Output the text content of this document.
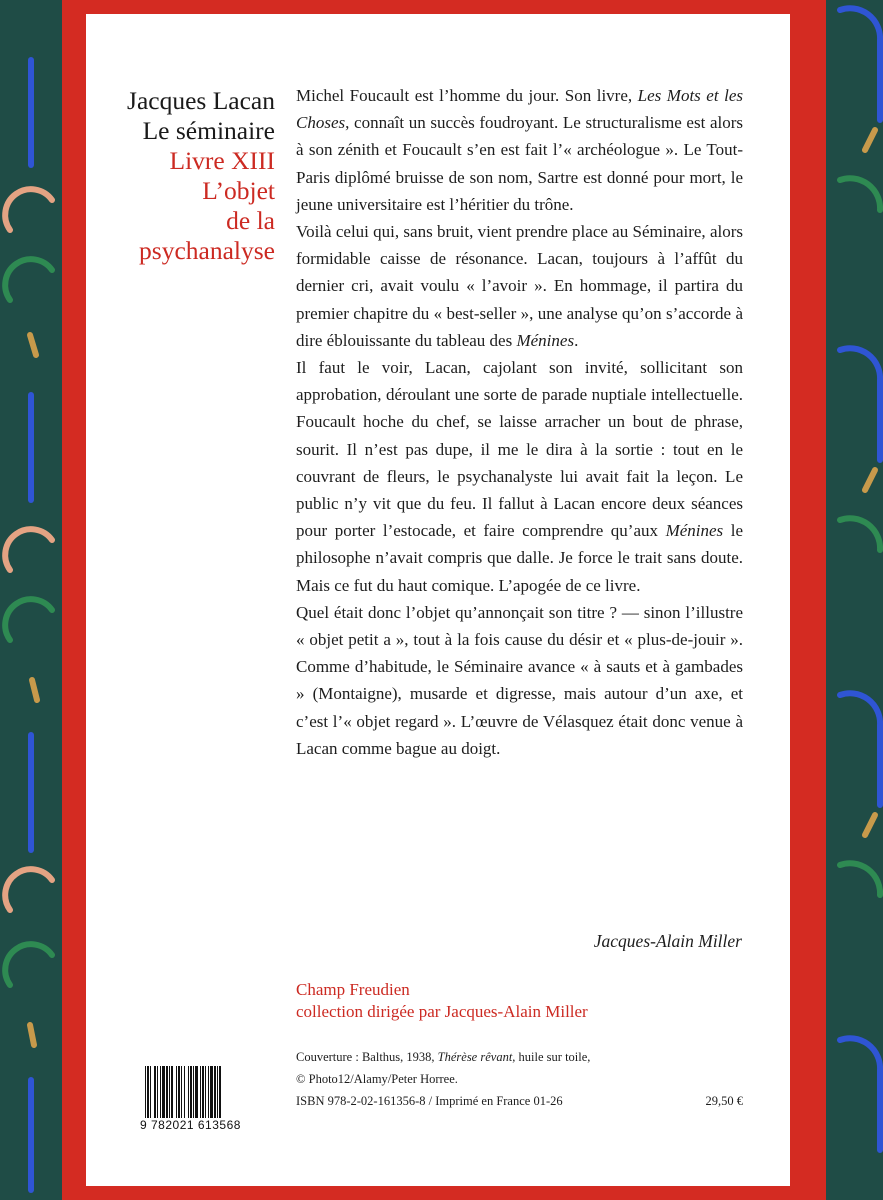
Jacques Lacan
Le séminaire
Livre XIII
L’objet
de la
psychanalyse

Michel Foucault est l’homme du jour. Son livre, Les Mots et les Choses, connaît un succès foudroyant. Le structuralisme est alors à son zénith et Foucault s’en est fait l’« archéologue ». Le Tout-Paris diplômé bruisse de son nom, Sartre est donné pour mort, le jeune universitaire est l’héritier du trône.

Voilà celui qui, sans bruit, vient prendre place au Séminaire, alors formidable caisse de résonance. Lacan, toujours à l’affût du dernier cri, avait voulu « l’avoir ». En hommage, il partira du premier chapitre du « best-seller », une analyse qu’on s’accorde à dire éblouissante du tableau des Ménines.

Il faut le voir, Lacan, cajolant son invité, sollicitant son approbation, déroulant une sorte de parade nuptiale intellectuelle. Foucault hoche du chef, se laisse arracher un bout de phrase, sourit. Il n’est pas dupe, il me le dira à la sortie : tout en le couvrant de fleurs, le psychanalyste lui avait fait la leçon. Le public n’y vit que du feu. Il fallut à Lacan encore deux séances pour porter l’estocade, et faire comprendre qu’aux Ménines le philosophe n’avait compris que dalle. Je force le trait sans doute. Mais ce fut du haut comique. L’apogée de ce livre.

Quel était donc l’objet qu’annonçait son titre ? — sinon l’illustre « objet petit a », tout à la fois cause du désir et « plus-de-jouir ». Comme d’habitude, le Séminaire avance « à sauts et à gambades » (Montaigne), musarde et digresse, mais autour d’un axe, et c’est l’« objet regard ». L’œuvre de Vélasquez était donc venue à Lacan comme bague au doigt.

Jacques-Alain Miller
Champ Freudien
collection dirigée par Jacques-Alain Miller
Couverture : Balthus, 1938, Thérèse rêvant, huile sur toile,
© Photo12/Alamy/Peter Horree.
ISBN 978-2-02-161356-8 / Imprimé en France 01-26	29,50 €
9 782021 613568
